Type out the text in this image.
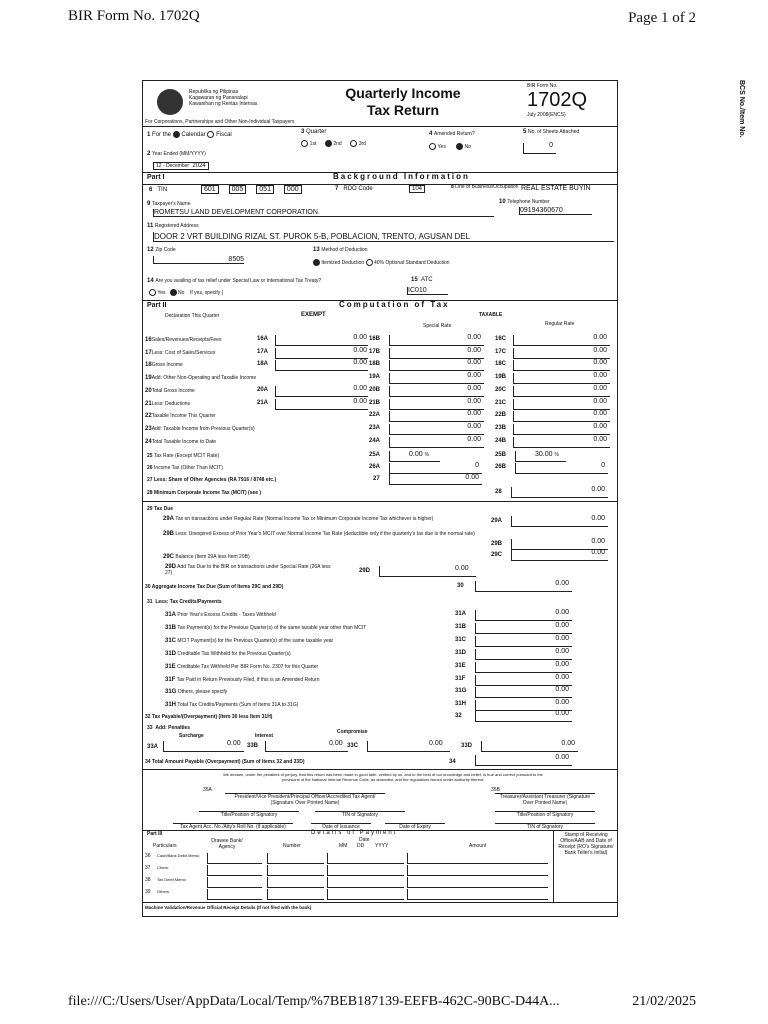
BIR Form No. 1702Q	Page 1 of 2
BCS No./Item No.
Republika ng Pilipinas
Kagawaran ng Pananalapi
Kawanihan ng Rentas Internas
Quarterly Income
Tax Return
BIR Form No.
1702Q
July 2008(ENCS)
For Corporations, Partnerships and Other Non-Individual Taxpayers
1 For the Calendar Fiscal
3 Quarter
1st	2nd	3rd
4 Amended Return?
Yes	No
5 No. of Sheets Attached
0
2 Year Ended (MM/YYYY)
12 - December 2024
Part I	Background Information
6 TIN	601 005 051 000	7 RDO Code	104	8 Line of Business/Occupation REAL ESTATE BUYIN
9 Taxpayer's Name	10 Telephone Number
ROMETSU LAND DEVELOPMENT CORPORATION	09194360670
11 Registered Address
DOOR 2 VRT BUILDING RIZAL ST. PUROK 5-B, POBLACION, TRENTO, AGUSAN DEL
12 Zip Code
8505
13 Method of Deduction
Itemized Deduction 40% Optional Standard Deduction
14 Are you availing of tax relief under Special Law or International Tax Treaty?
Yes	No If yes, specify |
15 ATC
IC010
Part II	Computation of Tax
Declaration This Quarter	EXEMPT	TAXABLE
Special Rate	Regular Rate
25 Tax Rate (Except MCIT Rate)	25A	0.00 %	25B	30.00 %
26 Income Tax (Other Than MCIT)	26A	0	26B	0
27 Less: Share of Other Agencies (RA 7916 / 8748 etc.)	27	0.00
28 Minimum Corporate Income Tax (MCIT) (see )	28	0.00
29 Tax Due
29A Tax on transactions under Regular Rate (Normal Income Tax or Minimum Corporate Income Tax whichever is higher)	29A	0.00
29B Less: Unexpired Excess of Prior Year's MCIT over Normal Income Tax Rate (deductible only if the quarterly's tax due is the normal rate)
29B	0.00
29C Balance (Item 29A less Item 29B)	29C	0.00
29D Add Tax Due to the BIR on transactions under Special Rate (26A less 27)	29D	0.00
30 Aggregate Income Tax Due (Sum of Items 29C and 29D)	30	0.00
31 Less: Tax Credits/Payments
32 Tax Payable/(Overpayment) (Item 30 less Item 31H)	32	0.00
33 Add: Penalties
Surcharge	Interest
Compromise
33A	0.00 33B	0.00 33C	0.00	33D	0.00
34 Total Amount Payable (Overpayment) (Sum of Items 32 and 33D)	34
0.00
We declare, under the penalties of perjury, that this return has been made in good faith, verified by us, and to the best of our knowledge and belief, is true and correct pursuant to the provisions of the National Internal Revenue Code, as amended, and the regulations issued under authority thereof.
35A	35B
President/Vice President/Principal Officer/Accredited Tax Agent/ (Signature Over Printed Name)
Treasurer/Assistant Treasurer (Signature Over Printed Name)
Title/Position of Signatory	TIN of Signatory	Title/Position of Signatory
Tax Agent Acc. No./Atty's Roll No. (if applicable)	Date of Issuance	Date of Expiry	TIN of Signatory
Part III	Details of Payment	Stamp of Receiving Office/AAB and Date of Receipt (RO's Signature/ Bank Teller's Initial)
Particulars
Drawee Bank/ Agency	Number
Date
MM DD YYYY	Amount
Machine Validation/Revenue Official Receipt Details (If not filed with the bank)
16Sales/Revenues/Receipts/Fees	16A	0.00 16B	0.00 16C	0.00
17Less: Cost of Sales/Services	17A	0.00 17B	0.00 17C	0.00
18Gross Income	18A	0.00 18B	0.00 18C	0.00
19Add: Other Non-Operating and Taxable Income	19A	0.00 19B	0.00
20Total Gross Income	20A	0.00 20B	0.00 20C	0.00
21Less: Deductions	21A	0.00 21B	0.00 21C	0.00
22Taxable Income This Quarter	22A	0.00 22B	0.00
23Add: Taxable Income from Previous Quarter(s)	23A	0.00 23B	0.00
24Total Taxable Income to Date	24A	0.00 24B	0.00
31A Prior Year's Excess Credits - Taxes Withheld	31A	0.00
31B Tax Payment(s) for the Previous Quarter(s) of the same taxable year other than MCIT	31B	0.00
31C MCIT Payment(s) for the Previous Quarter(s) of the same taxable year	31C	0.00
31D Creditable Tax Withheld for the Previous Quarter(s)	31D	0.00
31E Creditable Tax Withheld Per BIR Form No. 2307 for this Quarter	31E	0.00
31F Tax Paid in Return Previously Filed, if this is an Amended Return	31F	0.00
31G Others, please specify	31G	0.00
31H Total Tax Credits/Payments (Sum of Items 31A to 31G)	31H	0.00
36 Cash/Bank Debit Memo
37 Check
38 Tax Debit Memo
39 Others
file:///C:/Users/User/AppData/Local/Temp/%7BEB187139-EEFB-462C-90BC-D44A...	21/02/2025
